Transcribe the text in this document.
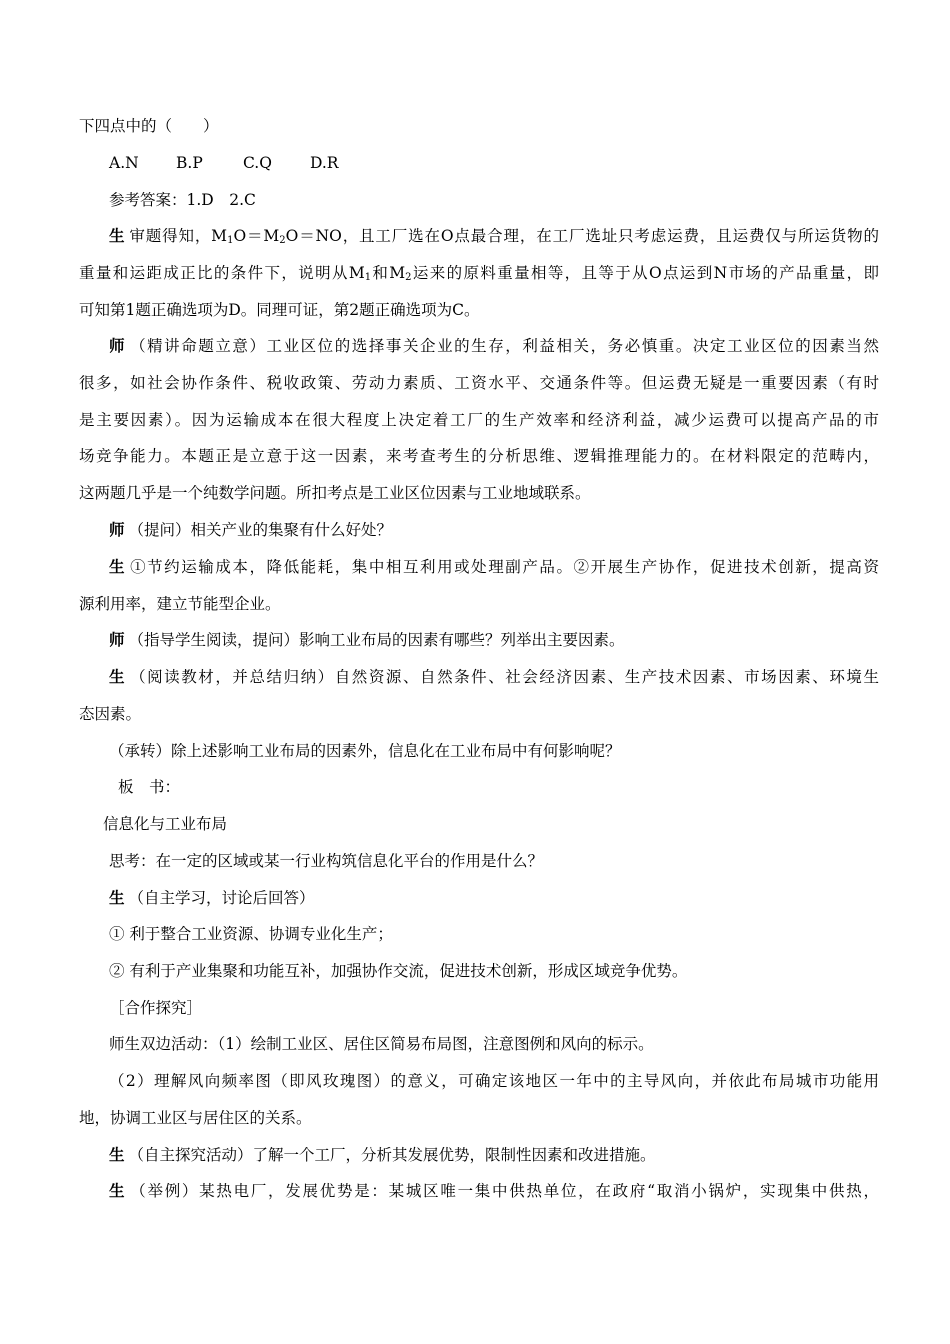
下四点中的（　　）
A.N B.P	C.Q D.R
参考答案：1.D　2.C
生 审题得知，$M_1O=M_2O=NO$，且工厂选在O点最合理，在工厂选址只考虑运费，且运费仅与所运货物的
重量和运距成正比的条件下，说明从$M_1$和$M_2$运来的原料重量相等，且等于从O点运到N市场的产品重量，即
可知第1题正确选项为D。同理可证，第2题正确选项为C。
师 （精讲命题立意）工业区位的选择事关企业的生存，利益相关，务必慎重。决定工业区位的因素当然
很多，如社会协作条件、税收政策、劳动力素质、工资水平、交通条件等。但运费无疑是一重要因素（有时
是主要因素）。因为运输成本在很大程度上决定着工厂的生产效率和经济利益，减少运费可以提高产品的市
场竞争能力。本题正是立意于这一因素，来考查考生的分析思维、逻辑推理能力的。在材料限定的范畴内，
这两题几乎是一个纯数学问题。所扣考点是工业区位因素与工业地域联系。
师 （提问）相关产业的集聚有什么好处？
生 ①节约运输成本，降低能耗，集中相互利用或处理副产品。②开展生产协作，促进技术创新，提高资
源利用率，建立节能型企业。
师 （指导学生阅读，提问）影响工业布局的因素有哪些？列举出主要因素。
生 （阅读教材，并总结归纳）自然资源、自然条件、社会经济因素、生产技术因素、市场因素、环境生
态因素。
（承转）除上述影响工业布局的因素外，信息化在工业布局中有何影响呢？
板　书：
信息化与工业布局
思考：在一定的区域或某一行业构筑信息化平台的作用是什么？
生 （自主学习，讨论后回答）
① 利于整合工业资源、协调专业化生产；
② 有利于产业集聚和功能互补，加强协作交流，促进技术创新，形成区域竞争优势。
［合作探究］
师生双边活动：（1）绘制工业区、居住区简易布局图，注意图例和风向的标示。
（2）理解风向频率图（即风玫瑰图）的意义，可确定该地区一年中的主导风向，并依此布局城市功能用
地，协调工业区与居住区的关系。
生 （自主探究活动）了解一个工厂，分析其发展优势，限制性因素和改进措施。
生 （举例）某热电厂，发展优势是：某城区唯一集中供热单位，在政府“取消小锅炉，实现集中供热，
